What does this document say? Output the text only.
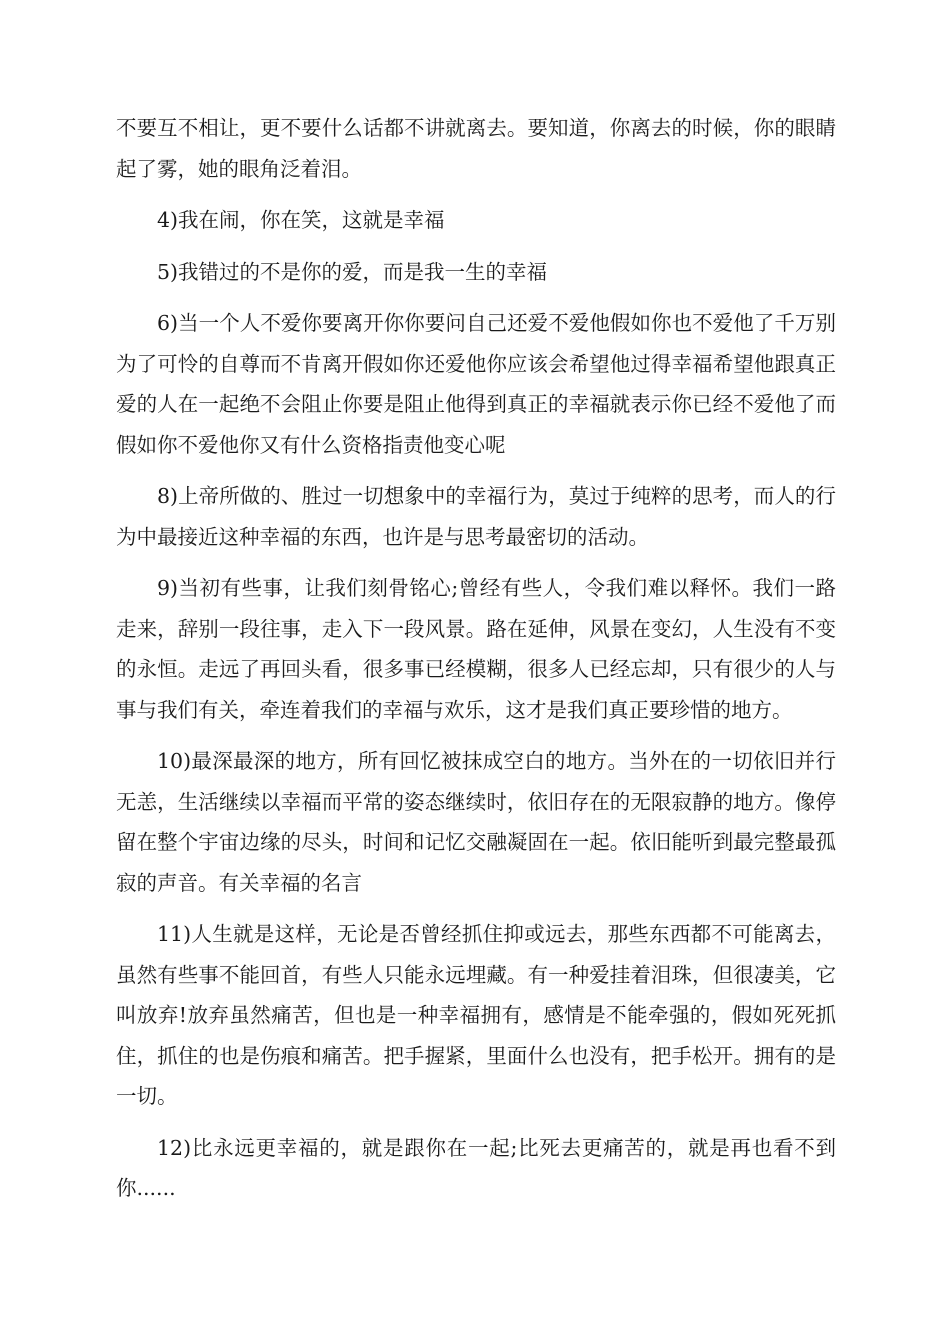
不要互不相让，更不要什么话都不讲就离去。要知道，你离去的时候，你的眼睛起了雾，她的眼角泛着泪。

4)我在闹，你在笑，这就是幸福

5)我错过的不是你的爱，而是我一生的幸福

6)当一个人不爱你要离开你你要问自己还爱不爱他假如你也不爱他了千万别为了可怜的自尊而不肯离开假如你还爱他你应该会希望他过得幸福希望他跟真正爱的人在一起绝不会阻止你要是阻止他得到真正的幸福就表示你已经不爱他了而假如你不爱他你又有什么资格指责他变心呢

8)上帝所做的、胜过一切想象中的幸福行为，莫过于纯粹的思考，而人的行为中最接近这种幸福的东西，也许是与思考最密切的活动。

9)当初有些事，让我们刻骨铭心;曾经有些人，令我们难以释怀。我们一路走来，辞别一段往事，走入下一段风景。路在延伸，风景在变幻，人生没有不变的永恒。走远了再回头看，很多事已经模糊，很多人已经忘却，只有很少的人与事与我们有关，牵连着我们的幸福与欢乐，这才是我们真正要珍惜的地方。

10)最深最深的地方，所有回忆被抹成空白的地方。当外在的一切依旧并行无恙，生活继续以幸福而平常的姿态继续时，依旧存在的无限寂静的地方。像停留在整个宇宙边缘的尽头，时间和记忆交融凝固在一起。依旧能听到最完整最孤寂的声音。有关幸福的名言

11)人生就是这样，无论是否曾经抓住抑或远去，那些东西都不可能离去，虽然有些事不能回首，有些人只能永远埋藏。有一种爱挂着泪珠，但很凄美，它叫放弃!放弃虽然痛苦，但也是一种幸福拥有，感情是不能牵强的，假如死死抓住，抓住的也是伤痕和痛苦。把手握紧，里面什么也没有，把手松开。拥有的是一切。

12)比永远更幸福的，就是跟你在一起;比死去更痛苦的，就是再也看不到你......
